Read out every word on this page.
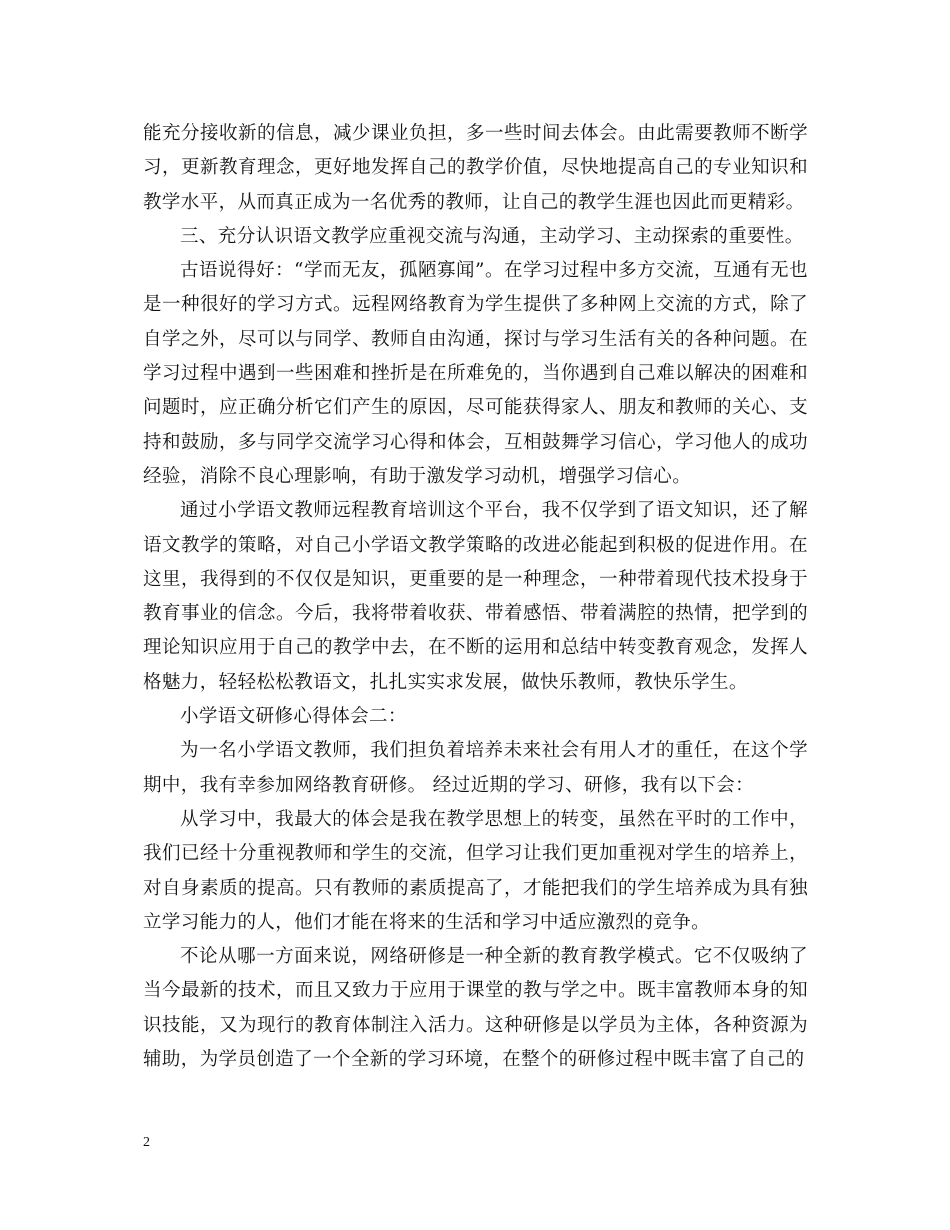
能充分接收新的信息，减少课业负担，多一些时间去体会。由此需要教师不断学习，更新教育理念，更好地发挥自己的教学价值，尽快地提高自己的专业知识和教学水平，从而真正成为一名优秀的教师，让自己的教学生涯也因此而更精彩。

三、充分认识语文教学应重视交流与沟通，主动学习、主动探索的重要性。

古语说得好：“学而无友，孤陋寡闻”。在学习过程中多方交流，互通有无也是一种很好的学习方式。远程网络教育为学生提供了多种网上交流的方式，除了自学之外，尽可以与同学、教师自由沟通，探讨与学习生活有关的各种问题。在学习过程中遇到一些困难和挫折是在所难免的，当你遇到自己难以解决的困难和问题时，应正确分析它们产生的原因，尽可能获得家人、朋友和教师的关心、支持和鼓励，多与同学交流学习心得和体会，互相鼓舞学习信心，学习他人的成功经验，消除不良心理影响，有助于激发学习动机，增强学习信心。

通过小学语文教师远程教育培训这个平台，我不仅学到了语文知识，还了解语文教学的策略，对自己小学语文教学策略的改进必能起到积极的促进作用。在这里，我得到的不仅仅是知识，更重要的是一种理念，一种带着现代技术投身于教育事业的信念。今后，我将带着收获、带着感悟、带着满腔的热情，把学到的理论知识应用于自己的教学中去，在不断的运用和总结中转变教育观念，发挥人格魅力，轻轻松松教语文，扎扎实实求发展，做快乐教师，教快乐学生。

小学语文研修心得体会二：

为一名小学语文教师，我们担负着培养未来社会有用人才的重任，在这个学期中，我有幸参加网络教育研修。 经过近期的学习、研修，我有以下会：

从学习中，我最大的体会是我在教学思想上的转变，虽然在平时的工作中，我们已经十分重视教师和学生的交流，但学习让我们更加重视对学生的培养上，对自身素质的提高。只有教师的素质提高了，才能把我们的学生培养成为具有独立学习能力的人，他们才能在将来的生活和学习中适应激烈的竞争。

不论从哪一方面来说，网络研修是一种全新的教育教学模式。它不仅吸纳了当今最新的技术，而且又致力于应用于课堂的教与学之中。既丰富教师本身的知识技能，又为现行的教育体制注入活力。这种研修是以学员为主体，各种资源为辅助，为学员创造了一个全新的学习环境，在整个的研修过程中既丰富了自己的

2
